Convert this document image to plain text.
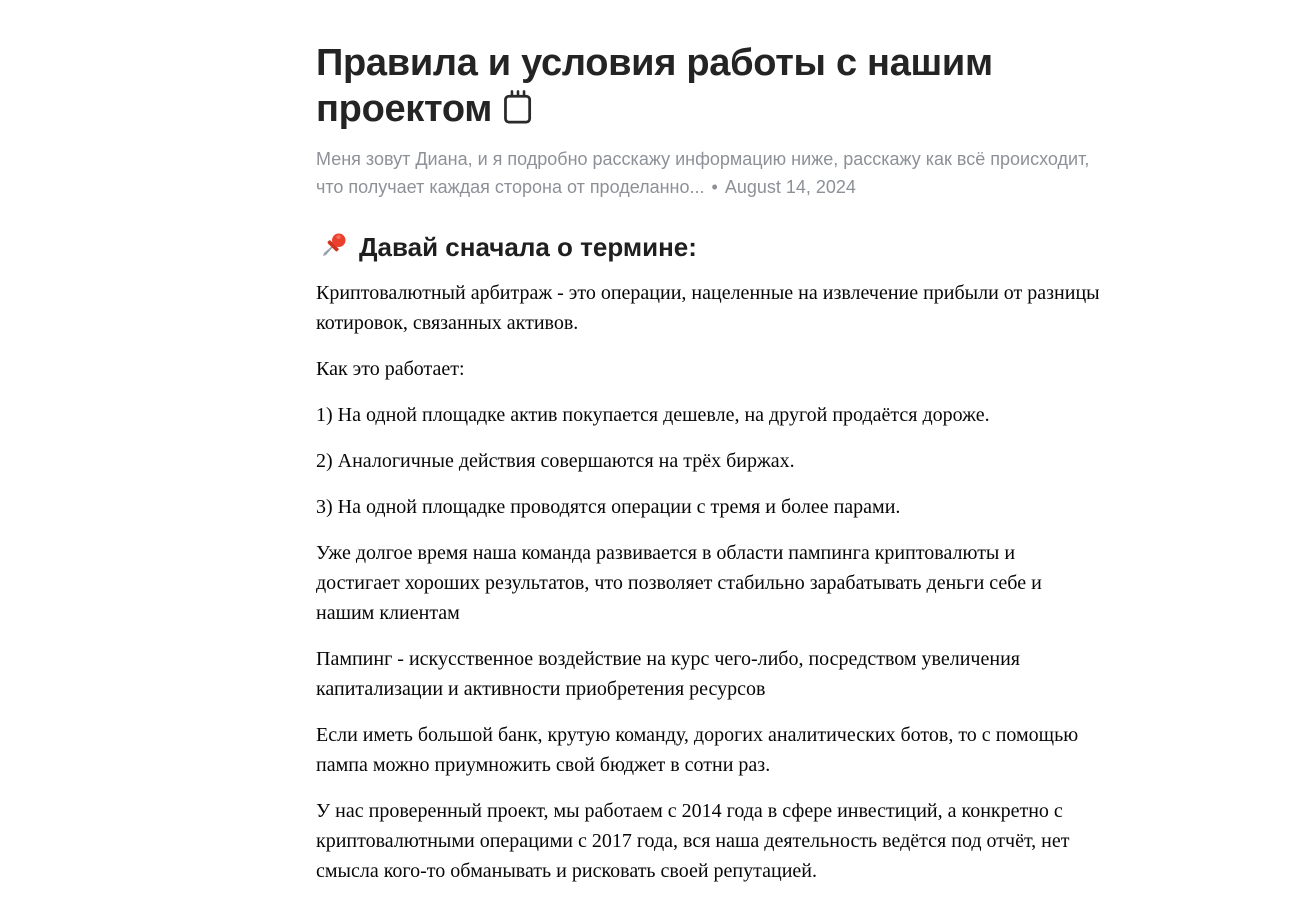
Правила и условия работы с нашим проектом
Меня зовут Диана, и я подробно расскажу информацию ниже, расскажу как всё происходит, что получает каждая сторона от проделанно... • August 14, 2024
Давай сначала о термине:

Криптовалютный арбитраж - это операции, нацеленные на извлечение прибыли от разницы котировок, связанных активов.

Как это работает:

1) На одной площадке актив покупается дешевле, на другой продаётся дороже.

2) Аналогичные действия совершаются на трёх биржах.

3) На одной площадке проводятся операции с тремя и более парами.

Уже долгое время наша команда развивается в области пампинга криптовалюты и достигает хороших результатов, что позволяет стабильно зарабатывать деньги себе и нашим клиентам

Пампинг - искусственное воздействие на курс чего-либо, посредством увеличения капитализации и активности приобретения ресурсов

Если иметь большой банк, крутую команду, дорогих аналитических ботов, то с помощью пампа можно приумножить свой бюджет в сотни раз.

У нас проверенный проект, мы работаем с 2014 года в сфере инвестиций, а конкретно с криптовалютными операцими с 2017 года, вся наша деятельность ведётся под отчёт, нет смысла кого-то обманывать и рисковать своей репутацией.
